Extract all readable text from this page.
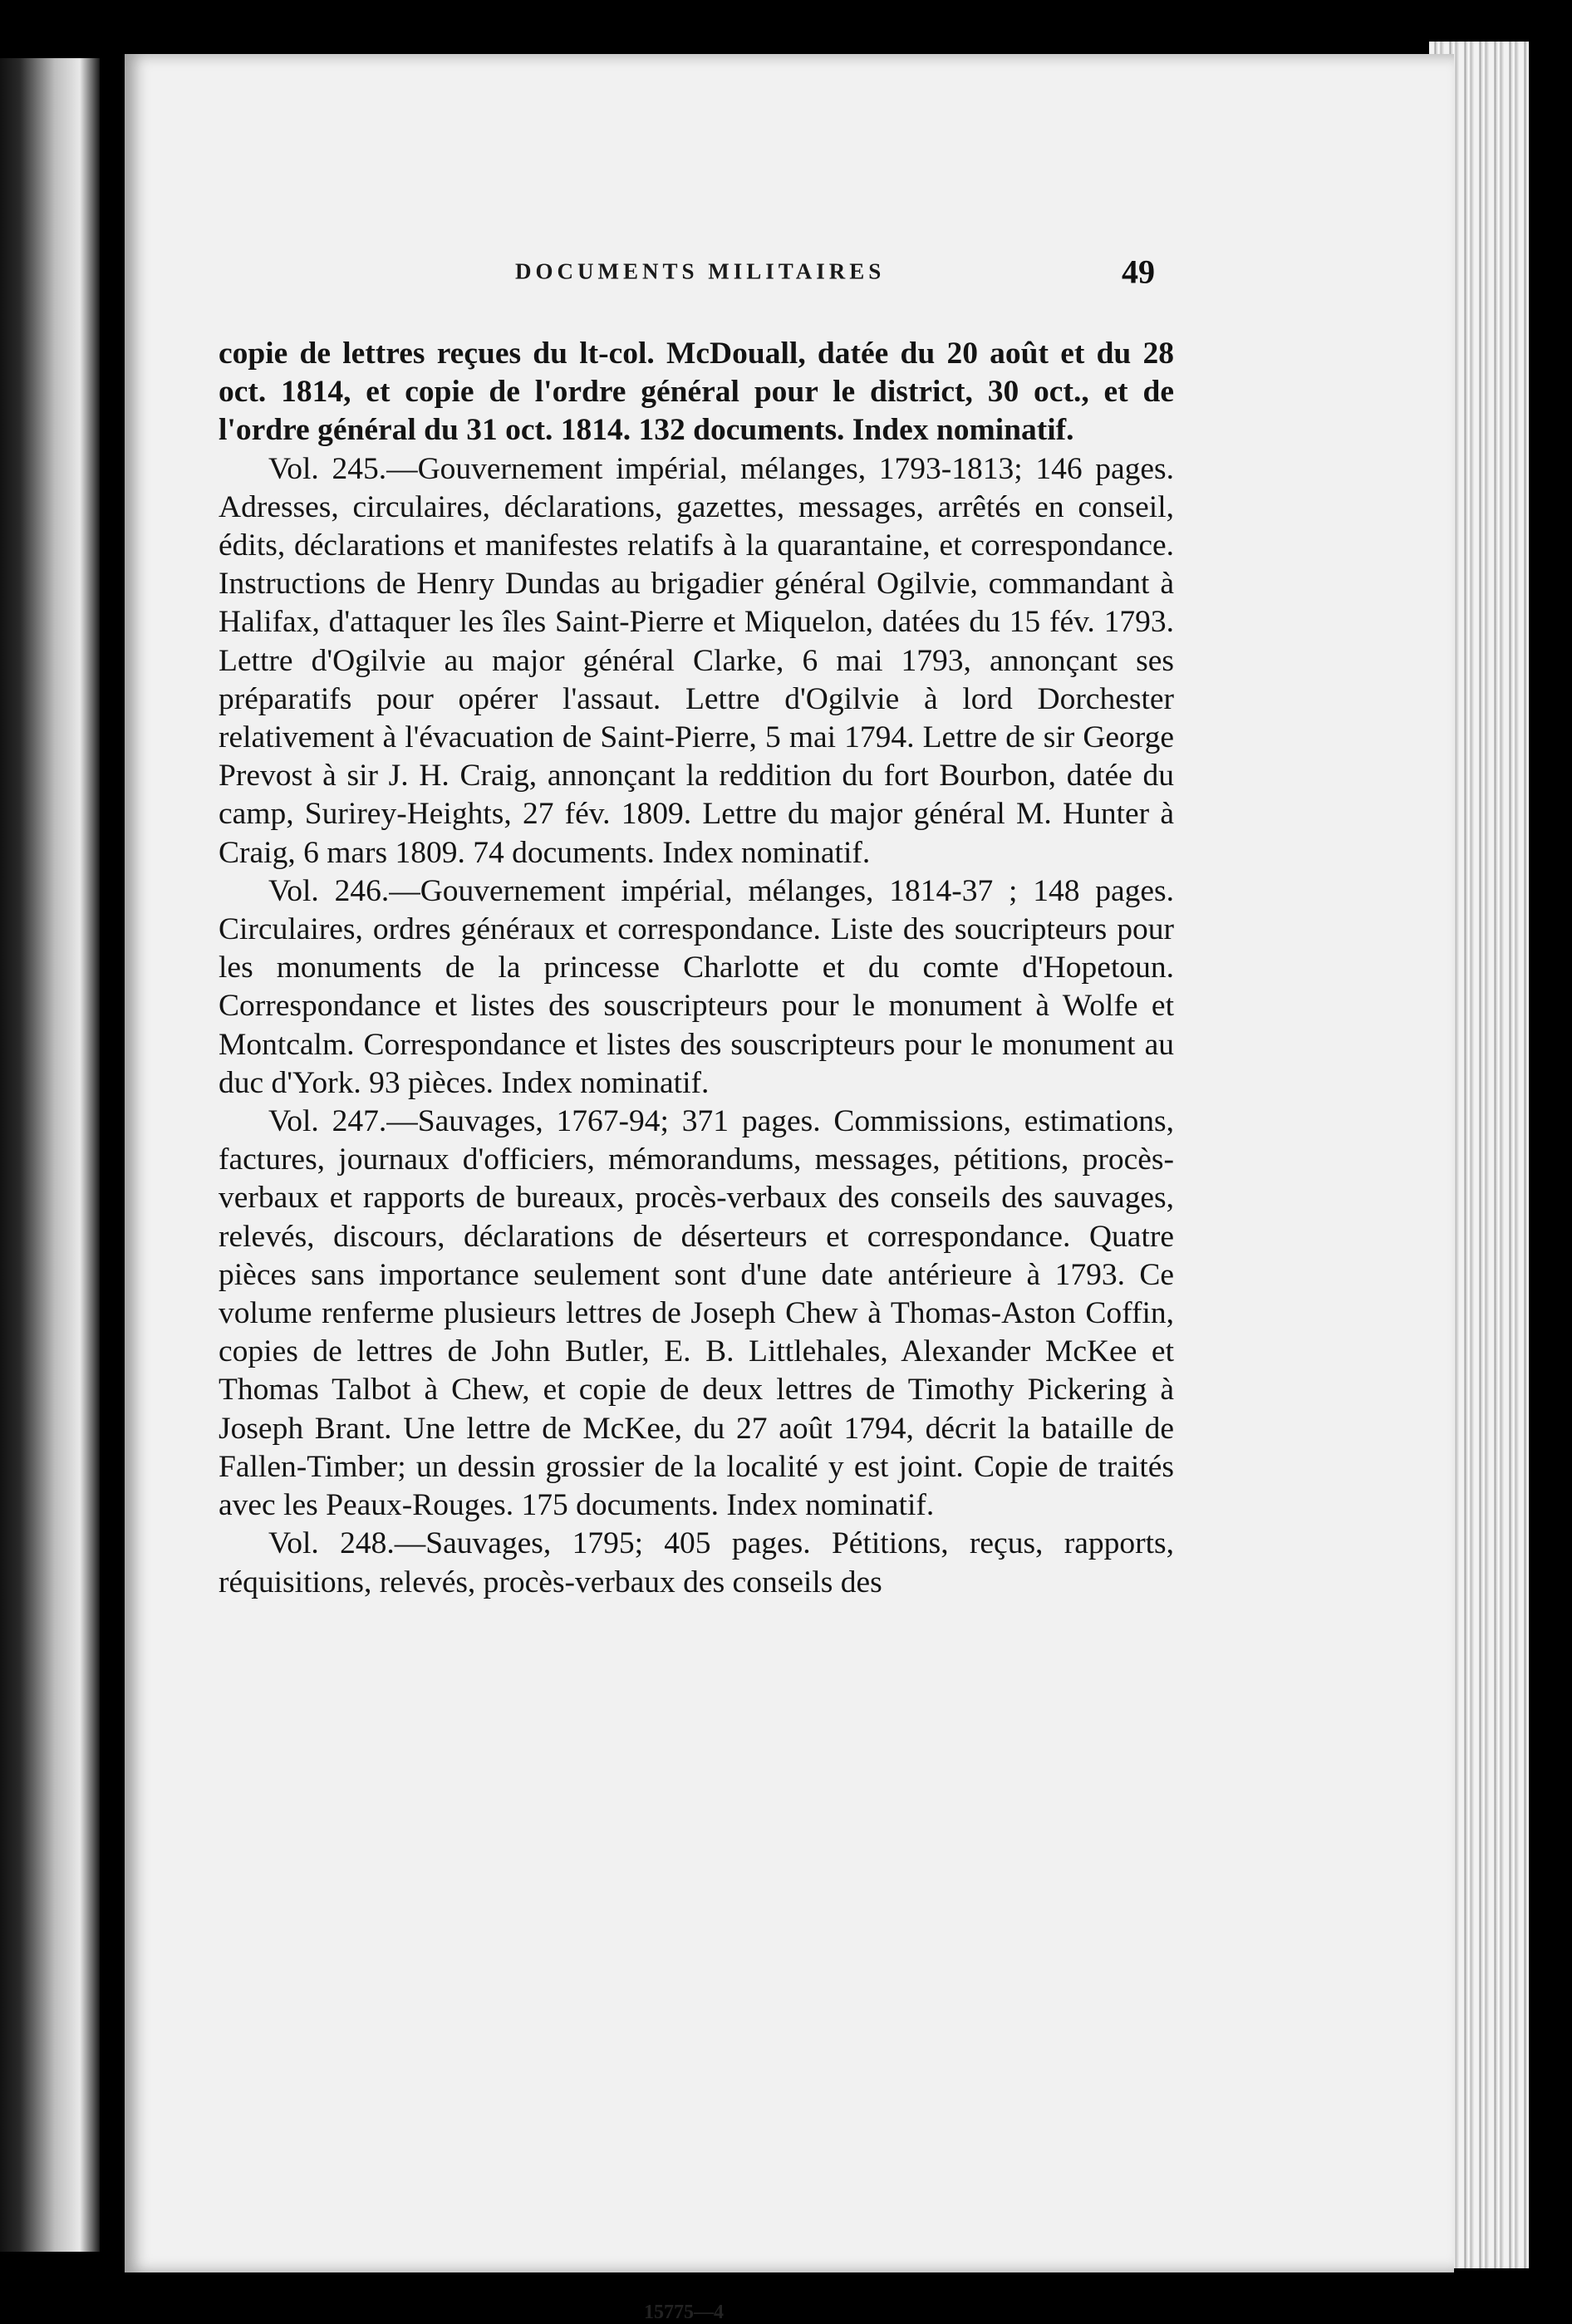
DOCUMENTS MILITAIRES	49

copie de lettres reçues du lt-col. McDouall, datée du 20 août et du 28 oct. 1814, et copie de l'ordre général pour le district, 30 oct., et de l'ordre général du 31 oct. 1814. 132 documents. Index nominatif.

Vol. 245.—Gouvernement impérial, mélanges, 1793-1813; 146 pages. Adresses, circulaires, déclarations, gazettes, messages, arrêtés en conseil, édits, déclarations et manifestes relatifs à la quarantaine, et correspondance. Instructions de Henry Dundas au brigadier général Ogilvie, commandant à Halifax, d'attaquer les îles Saint-Pierre et Miquelon, datées du 15 fév. 1793. Lettre d'Ogilvie au major général Clarke, 6 mai 1793, annonçant ses préparatifs pour opérer l'assaut. Lettre d'Ogilvie à lord Dorchester relativement à l'évacuation de Saint-Pierre, 5 mai 1794. Lettre de sir George Prevost à sir J. H. Craig, annonçant la reddition du fort Bourbon, datée du camp, Surirey-Heights, 27 fév. 1809. Lettre du major général M. Hunter à Craig, 6 mars 1809. 74 documents. Index nominatif.

Vol. 246.—Gouvernement impérial, mélanges, 1814-37 ; 148 pages. Circulaires, ordres généraux et correspondance. Liste des soucripteurs pour les monuments de la princesse Charlotte et du comte d'Hopetoun. Correspondance et listes des souscripteurs pour le monument à Wolfe et Montcalm. Correspondance et listes des souscripteurs pour le monument au duc d'York. 93 pièces. Index nominatif.

Vol. 247.—Sauvages, 1767-94; 371 pages. Commissions, estimations, factures, journaux d'officiers, mémorandums, messages, pétitions, procès-verbaux et rapports de bureaux, procès-verbaux des conseils des sauvages, relevés, discours, déclarations de déserteurs et correspondance. Quatre pièces sans importance seulement sont d'une date antérieure à 1793. Ce volume renferme plusieurs lettres de Joseph Chew à Thomas-Aston Coffin, copies de lettres de John Butler, E. B. Littlehales, Alexander McKee et Thomas Talbot à Chew, et copie de deux lettres de Timothy Pickering à Joseph Brant. Une lettre de McKee, du 27 août 1794, décrit la bataille de Fallen-Timber; un dessin grossier de la localité y est joint. Copie de traités avec les Peaux-Rouges. 175 documents. Index nominatif.

Vol. 248.—Sauvages, 1795; 405 pages. Pétitions, reçus, rapports, réquisitions, relevés, procès-verbaux des conseils des

15775—4
